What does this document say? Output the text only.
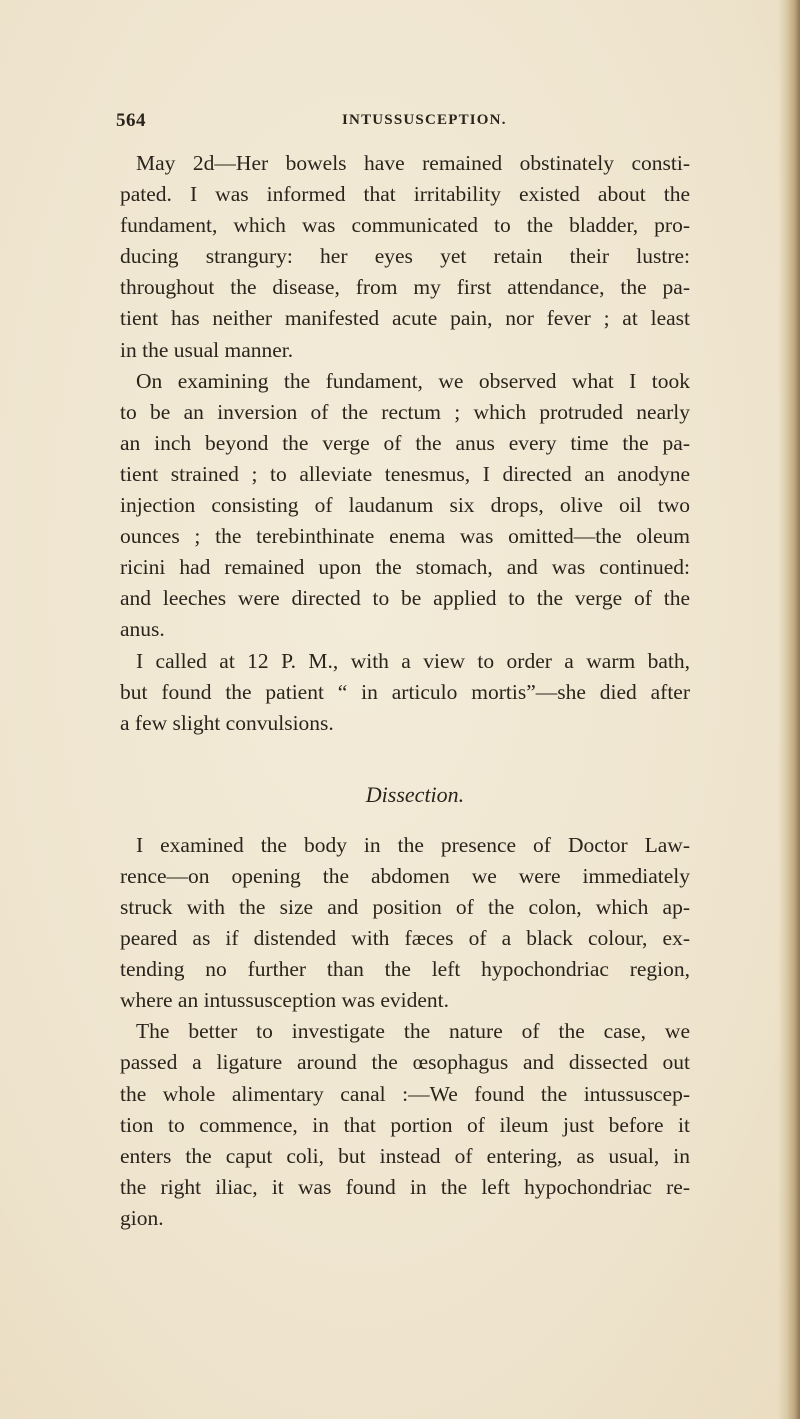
564	INTUSSUSCEPTION.
May 2d—Her bowels have remained obstinately consti-
pated. I was informed that irritability existed about the
fundament, which was communicated to the bladder, pro-
ducing strangury: her eyes yet retain their lustre:
throughout the disease, from my first attendance, the pa-
tient has neither manifested acute pain, nor fever ; at least
in the usual manner.
On examining the fundament, we observed what I took
to be an inversion of the rectum ; which protruded nearly
an inch beyond the verge of the anus every time the pa-
tient strained ; to alleviate tenesmus, I directed an anodyne
injection consisting of laudanum six drops, olive oil two
ounces ; the terebinthinate enema was omitted—the oleum
ricini had remained upon the stomach, and was continued:
and leeches were directed to be applied to the verge of the
anus.
I called at 12 P. M., with a view to order a warm bath,
but found the patient “ in articulo mortis”—she died after
a few slight convulsions.
Dissection.
I examined the body in the presence of Doctor Law-
rence—on opening the abdomen we were immediately
struck with the size and position of the colon, which ap-
peared as if distended with fæces of a black colour, ex-
tending no further than the left hypochondriac region,
where an intussusception was evident.
The better to investigate the nature of the case, we
passed a ligature around the œsophagus and dissected out
the whole alimentary canal :—We found the intussuscep-
tion to commence, in that portion of ileum just before it
enters the caput coli, but instead of entering, as usual, in
the right iliac, it was found in the left hypochondriac re-
gion.
